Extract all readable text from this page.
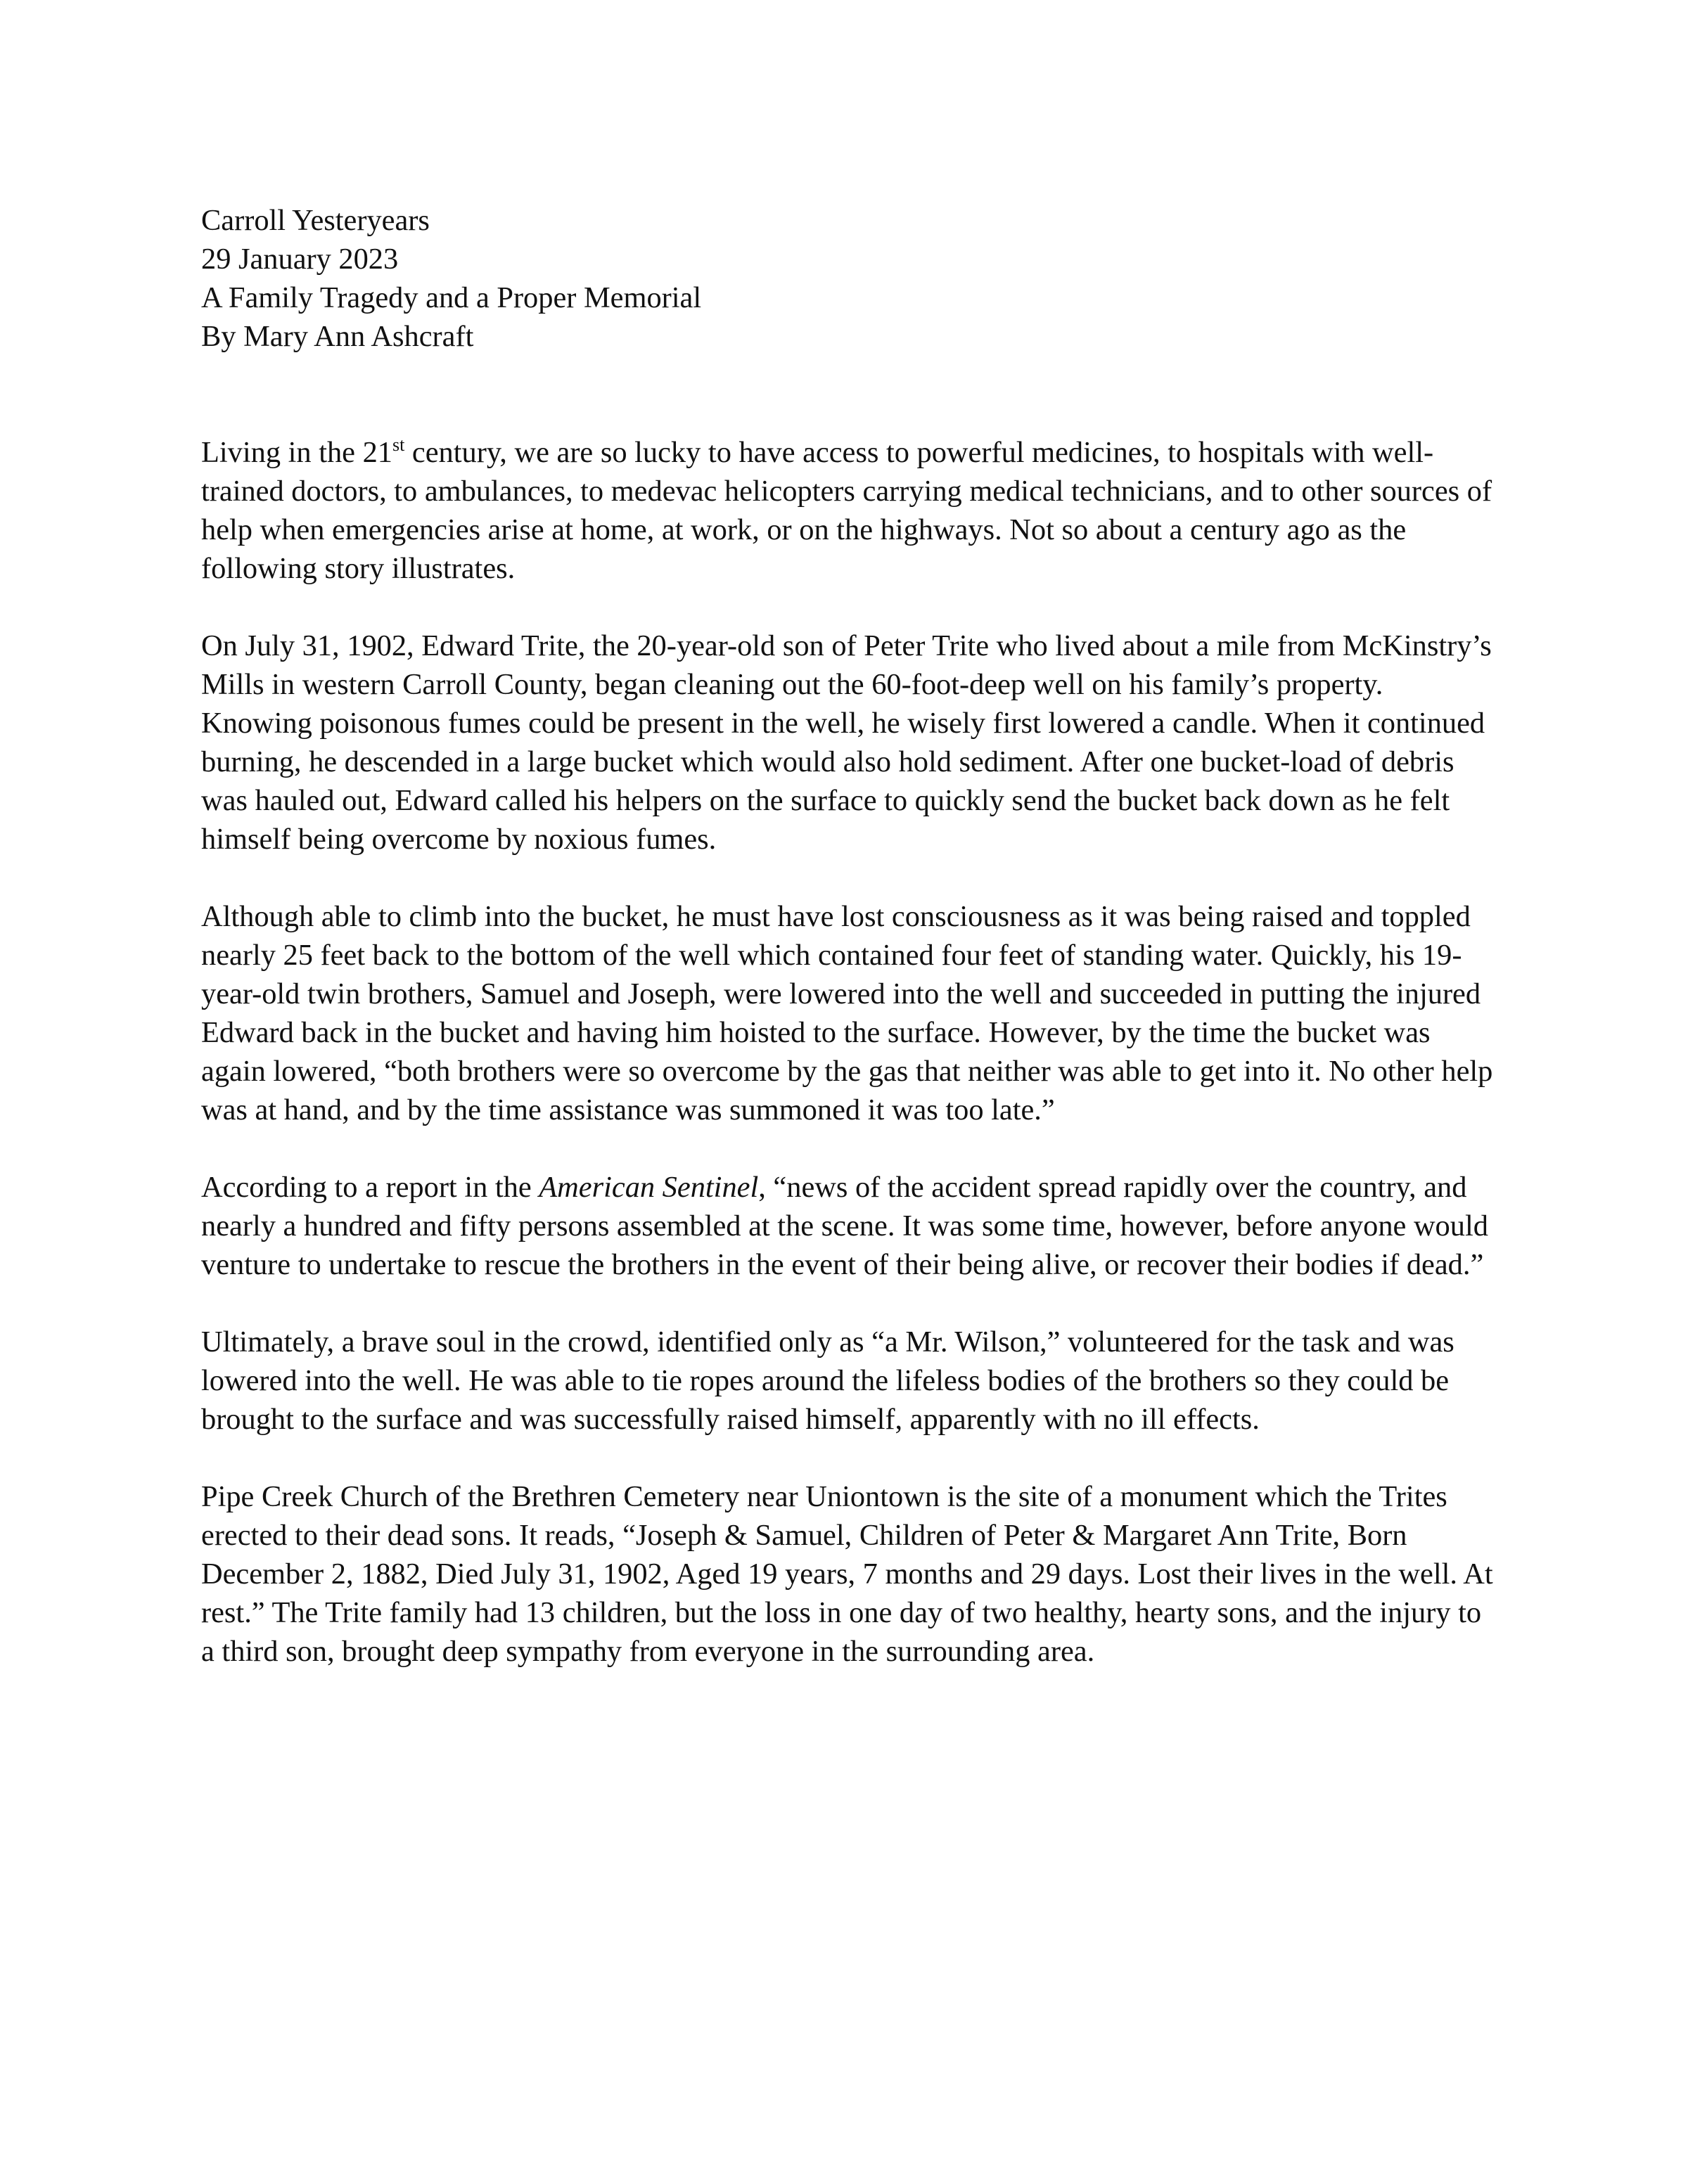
Carroll Yesteryears
29 January 2023
A Family Tragedy and a Proper Memorial
By Mary Ann Ashcraft

Living in the 21st century, we are so lucky to have access to powerful medicines, to hospitals with well-trained doctors, to ambulances, to medevac helicopters carrying medical technicians, and to other sources of help when emergencies arise at home, at work, or on the highways. Not so about a century ago as the following story illustrates.

On July 31, 1902, Edward Trite, the 20-year-old son of Peter Trite who lived about a mile from McKinstry’s Mills in western Carroll County, began cleaning out the 60-foot-deep well on his family’s property. Knowing poisonous fumes could be present in the well, he wisely first lowered a candle. When it continued burning, he descended in a large bucket which would also hold sediment. After one bucket-load of debris was hauled out, Edward called his helpers on the surface to quickly send the bucket back down as he felt himself being overcome by noxious fumes.

Although able to climb into the bucket, he must have lost consciousness as it was being raised and toppled nearly 25 feet back to the bottom of the well which contained four feet of standing water. Quickly, his 19-year-old twin brothers, Samuel and Joseph, were lowered into the well and succeeded in putting the injured Edward back in the bucket and having him hoisted to the surface. However, by the time the bucket was again lowered, “both brothers were so overcome by the gas that neither was able to get into it. No other help was at hand, and by the time assistance was summoned it was too late.”

According to a report in the American Sentinel, “news of the accident spread rapidly over the country, and nearly a hundred and fifty persons assembled at the scene. It was some time, however, before anyone would venture to undertake to rescue the brothers in the event of their being alive, or recover their bodies if dead.”

Ultimately, a brave soul in the crowd, identified only as “a Mr. Wilson,” volunteered for the task and was lowered into the well. He was able to tie ropes around the lifeless bodies of the brothers so they could be brought to the surface and was successfully raised himself, apparently with no ill effects.

Pipe Creek Church of the Brethren Cemetery near Uniontown is the site of a monument which the Trites erected to their dead sons. It reads, “Joseph & Samuel, Children of Peter & Margaret Ann Trite, Born December 2, 1882, Died July 31, 1902, Aged 19 years, 7 months and 29 days. Lost their lives in the well. At rest.” The Trite family had 13 children, but the loss in one day of two healthy, hearty sons, and the injury to a third son, brought deep sympathy from everyone in the surrounding area.
